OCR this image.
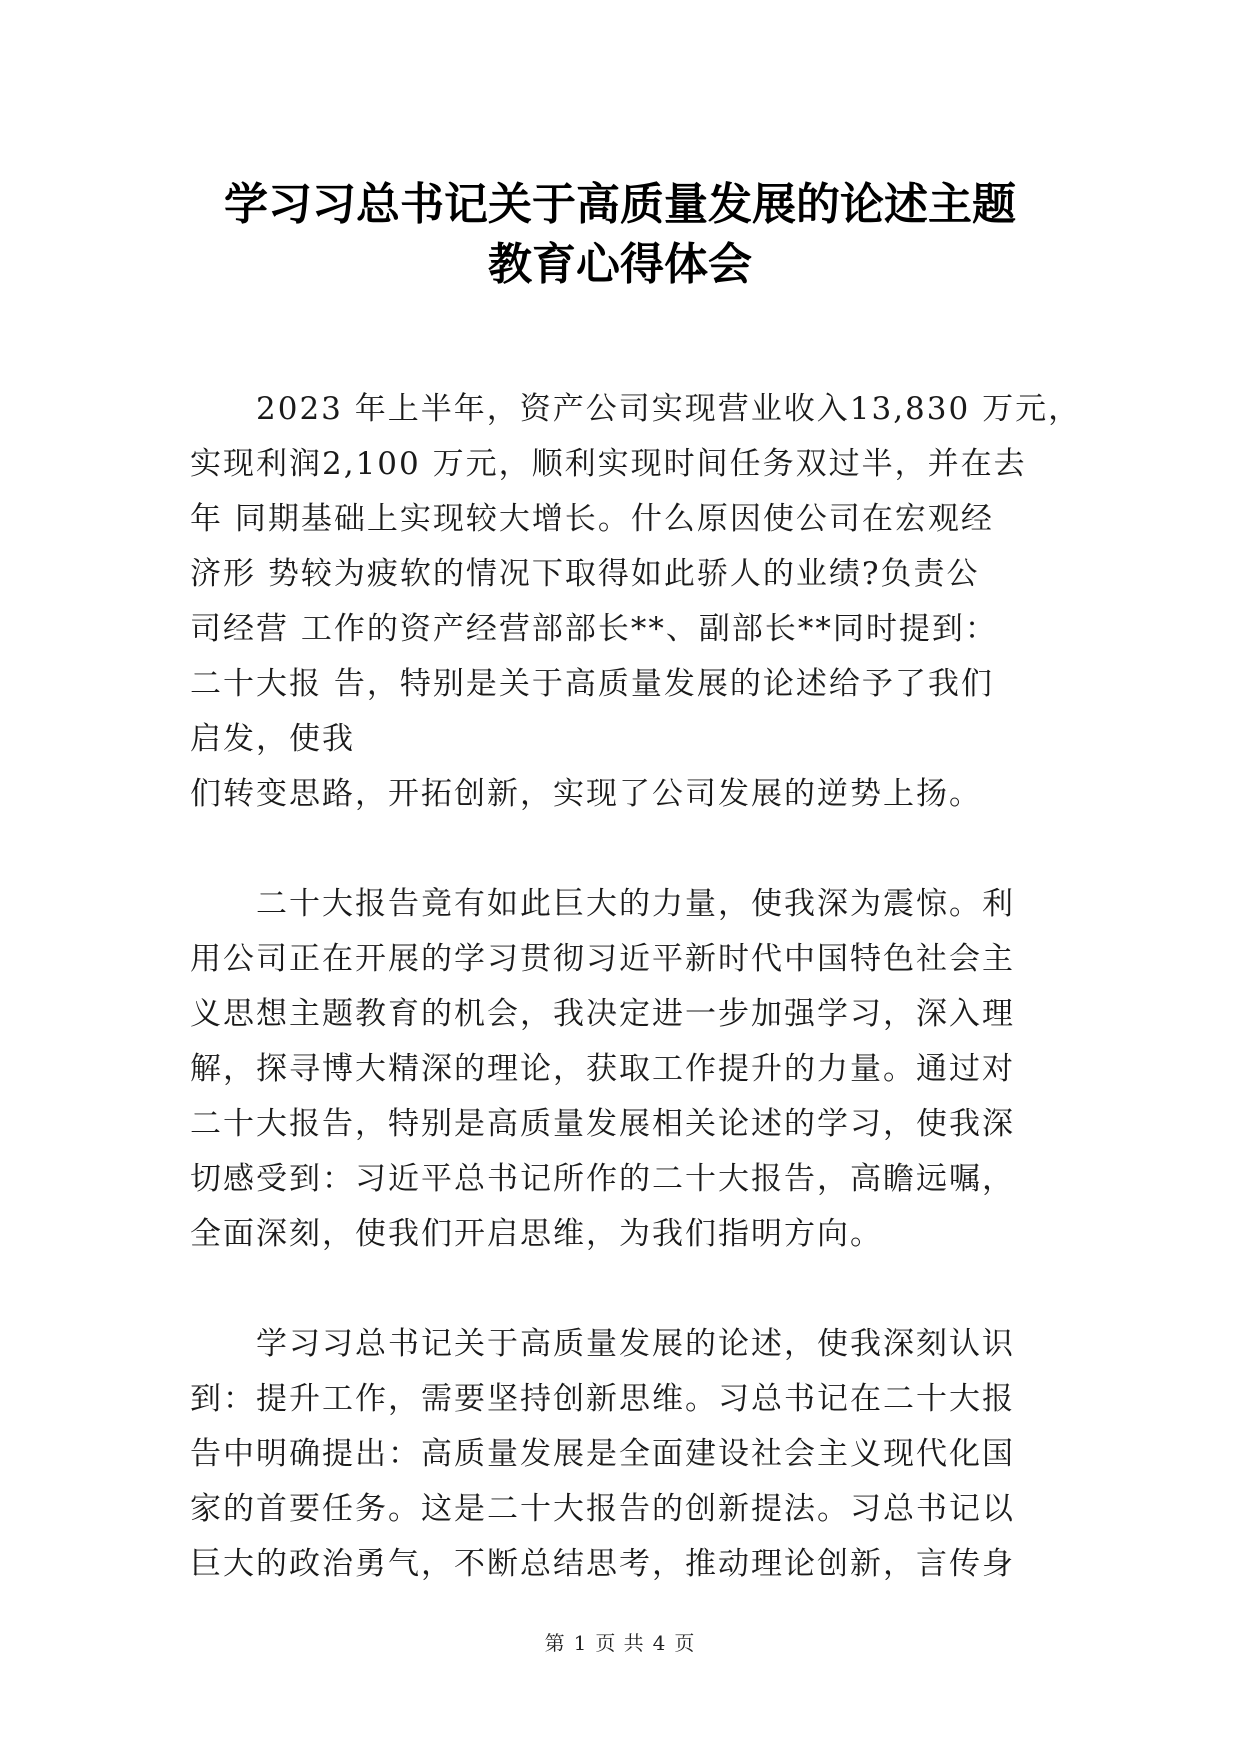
学习习总书记关于高质量发展的论述主题
教育心得体会
　　2023 年上半年，资产公司实现营业收入13,830 万元，
实现利润2,100 万元，顺利实现时间任务双过半，并在去
年 同期基础上实现较大增长。什么原因使公司在宏观经
济形 势较为疲软的情况下取得如此骄人的业绩?负责公
司经营 工作的资产经营部部长**、副部长**同时提到：
二十大报 告，特别是关于高质量发展的论述给予了我们
启发，使我
们转变思路，开拓创新，实现了公司发展的逆势上扬。
　　二十大报告竟有如此巨大的力量，使我深为震惊。利
用公司正在开展的学习贯彻习近平新时代中国特色社会主
义思想主题教育的机会，我决定进一步加强学习，深入理
解，探寻博大精深的理论，获取工作提升的力量。通过对
二十大报告，特别是高质量发展相关论述的学习，使我深
切感受到：习近平总书记所作的二十大报告，高瞻远嘱，
全面深刻，使我们开启思维，为我们指明方向。
　　学习习总书记关于高质量发展的论述，使我深刻认识
到：提升工作，需要坚持创新思维。习总书记在二十大报
告中明确提出：高质量发展是全面建设社会主义现代化国
家的首要任务。这是二十大报告的创新提法。习总书记以
巨大的政治勇气，不断总结思考，推动理论创新，言传身
第 1 页 共 4 页
